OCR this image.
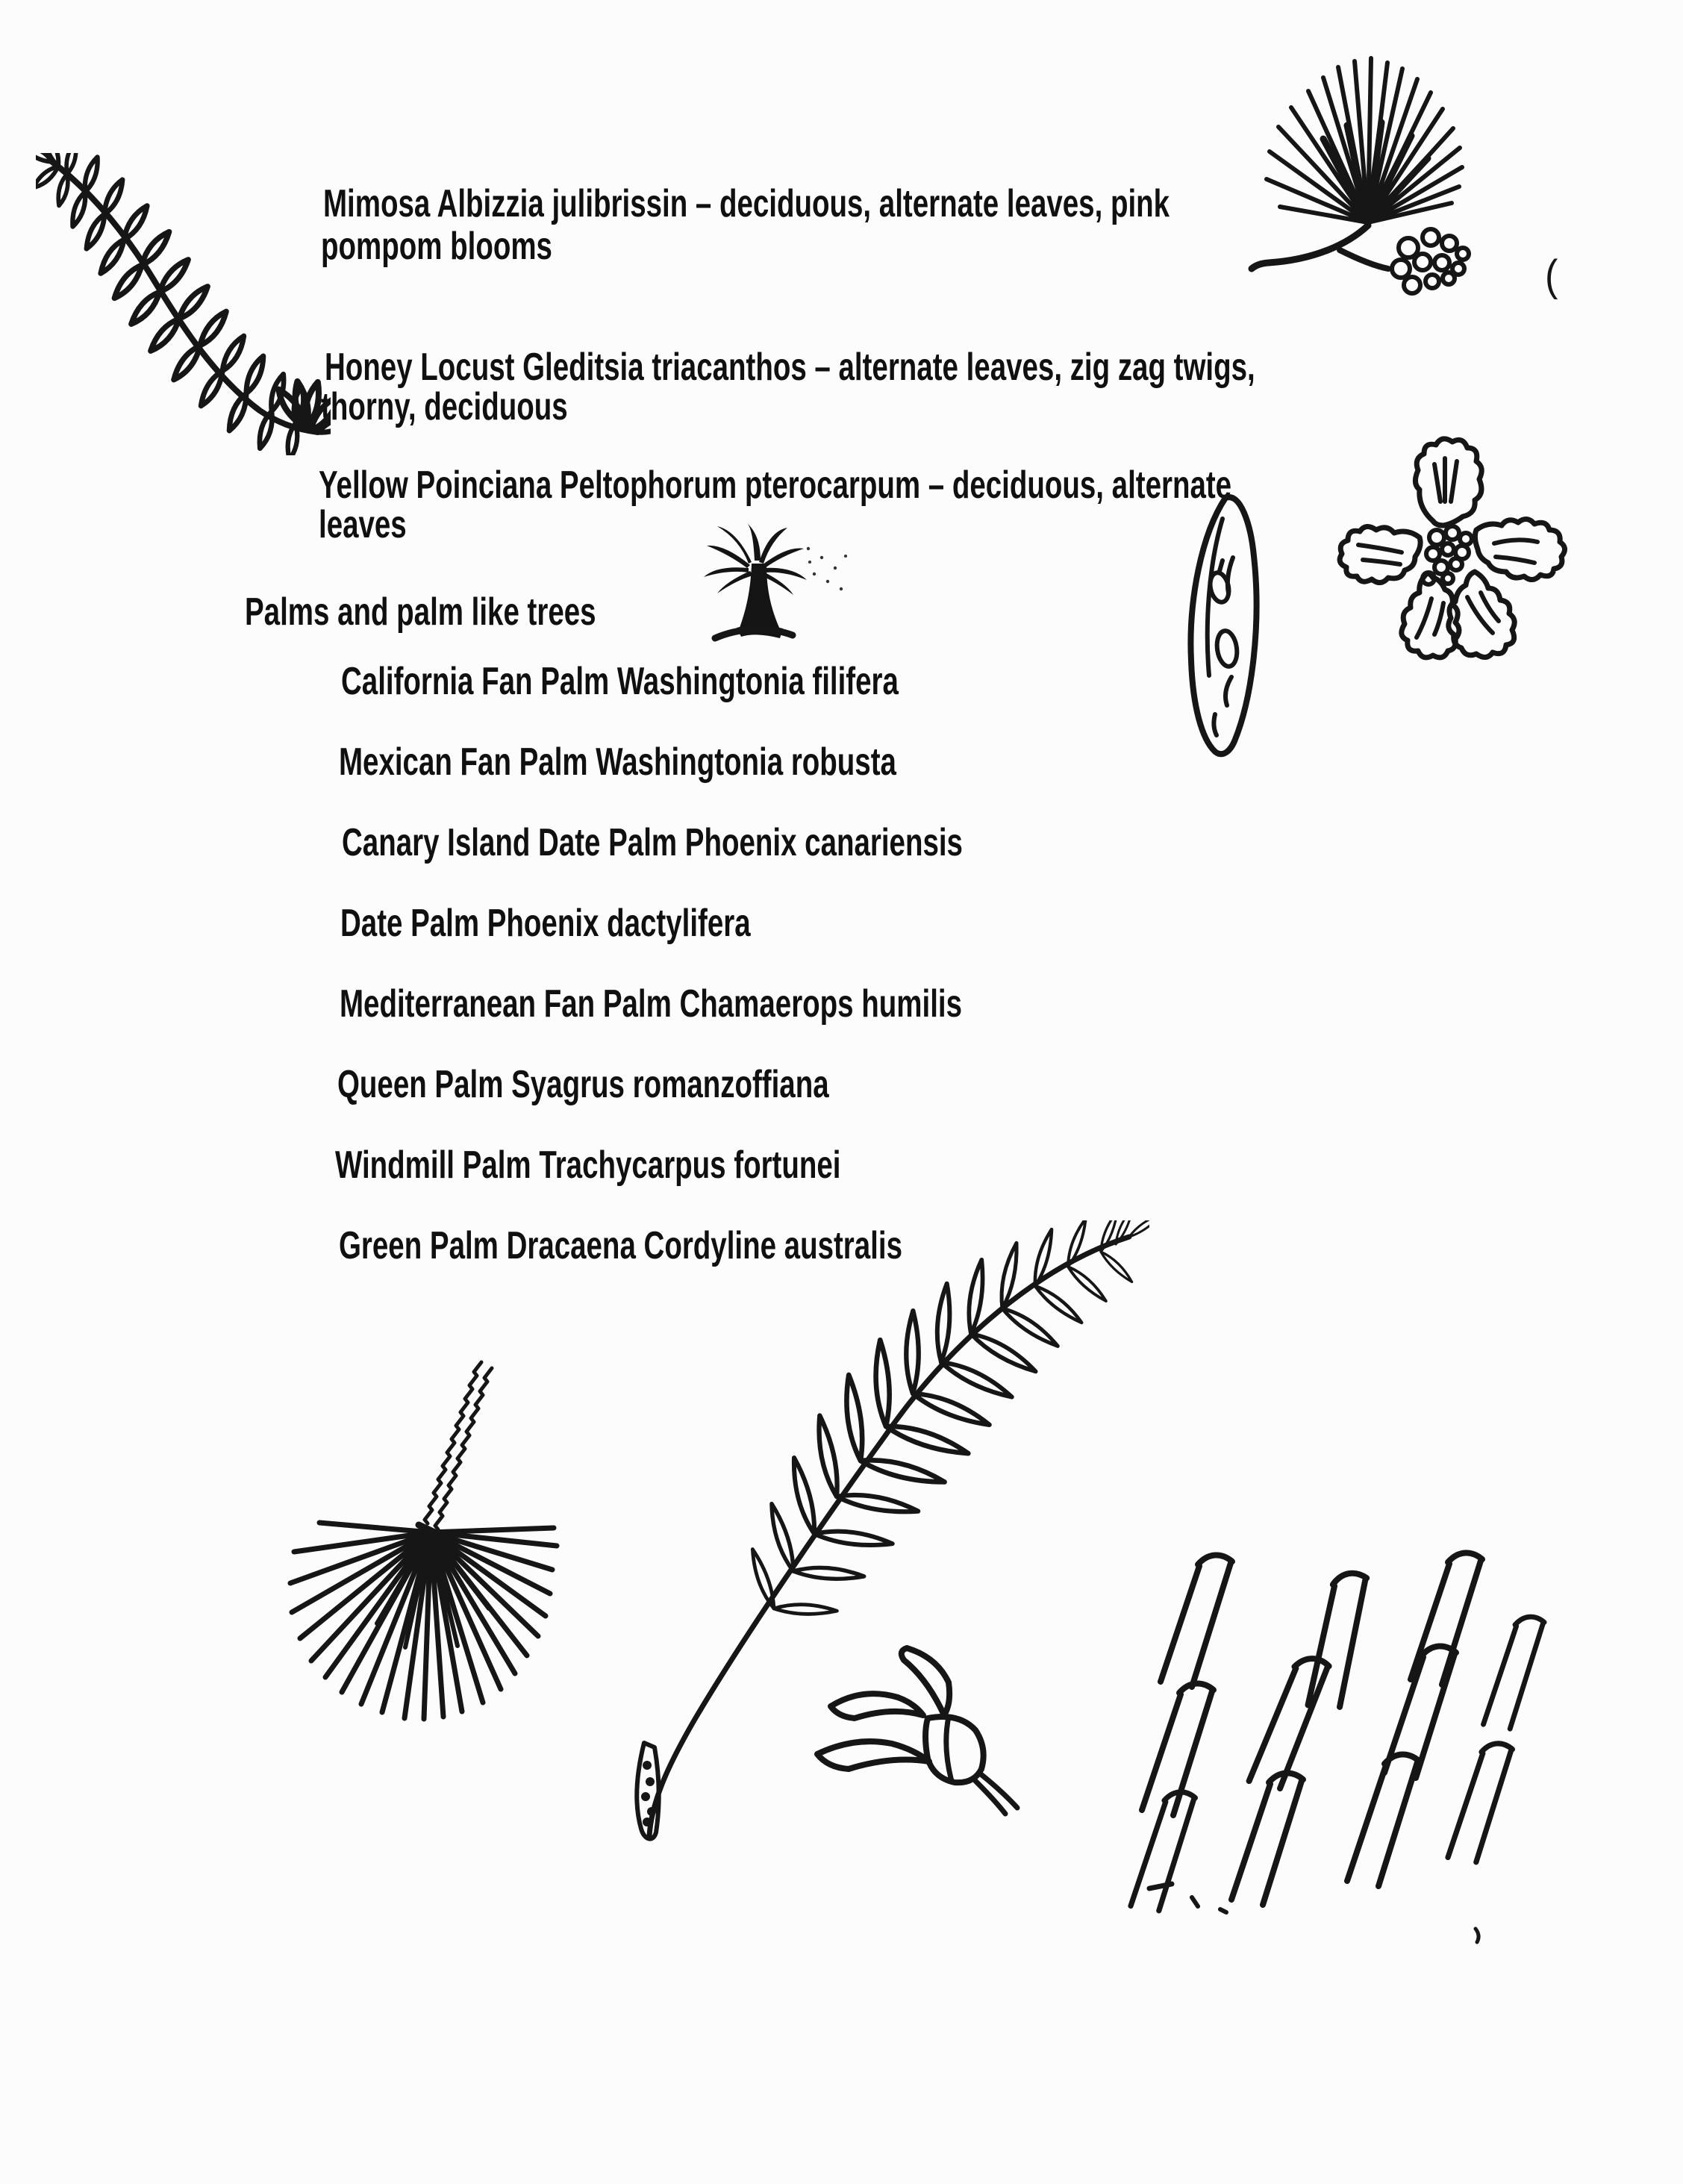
Mimosa Albizzia julibrissin – deciduous, alternate leaves, pink
pompom blooms
Honey Locust Gleditsia triacanthos – alternate leaves, zig zag twigs,
thorny, deciduous
Yellow Poinciana Peltophorum pterocarpum – deciduous, alternate
leaves
Palms and palm like trees
California Fan Palm Washingtonia filifera
Mexican Fan Palm Washingtonia robusta
Canary Island Date Palm Phoenix canariensis
Date Palm Phoenix dactylifera
Mediterranean Fan Palm Chamaerops humilis
Queen Palm Syagrus romanzoffiana
Windmill Palm Trachycarpus fortunei
Green Palm Dracaena Cordyline australis
(
